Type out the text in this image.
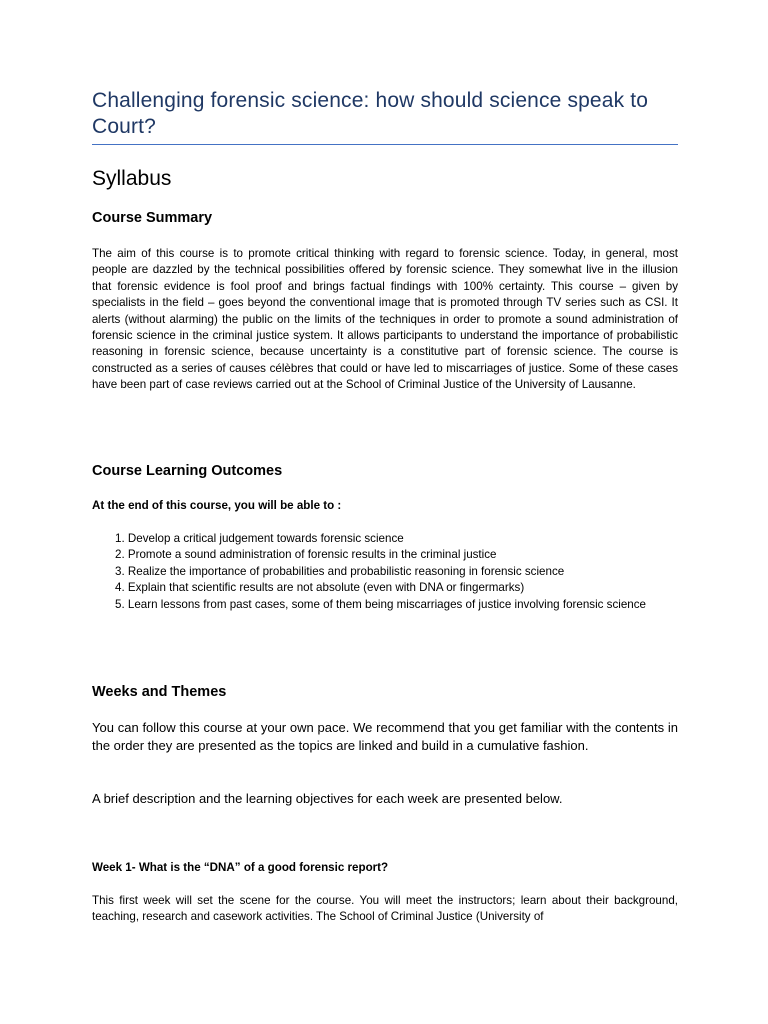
Challenging forensic science: how should science speak to Court?
Syllabus
Course Summary

The aim of this course is to promote critical thinking with regard to forensic science. Today, in general, most people are dazzled by the technical possibilities offered by forensic science. They somewhat live in the illusion that forensic evidence is fool proof and brings factual findings with 100% certainty. This course – given by specialists in the field – goes beyond the conventional image that is promoted through TV series such as CSI. It alerts (without alarming) the public on the limits of the techniques in order to promote a sound administration of forensic science in the criminal justice system. It allows participants to understand the importance of probabilistic reasoning in forensic science, because uncertainty is a constitutive part of forensic science. The course is constructed as a series of causes célèbres that could or have led to miscarriages of justice. Some of these cases have been part of case reviews carried out at the School of Criminal Justice of the University of Lausanne.

Course Learning Outcomes

At the end of this course, you will be able to :

1. Develop a critical judgement towards forensic science
2. Promote a sound administration of forensic results in the criminal justice
3. Realize the importance of probabilities and probabilistic reasoning in forensic science
4. Explain that scientific results are not absolute (even with DNA or fingermarks)
5. Learn lessons from past cases, some of them being miscarriages of justice involving forensic science
Weeks and Themes

You can follow this course at your own pace. We recommend that you get familiar with the contents in the order they are presented as the topics are linked and build in a cumulative fashion.

A brief description and the learning objectives for each week are presented below.

Week 1- What is the “DNA” of a good forensic report?

This first week will set the scene for the course. You will meet the instructors; learn about their background, teaching, research and casework activities. The School of Criminal Justice (University of
